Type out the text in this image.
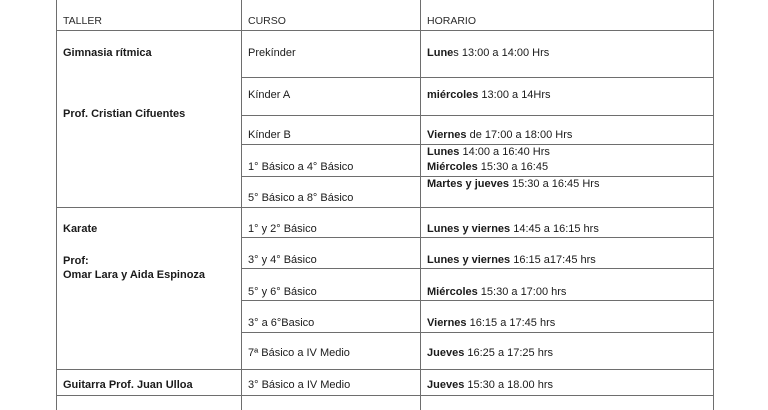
TALLER	CURSO	HORARIO
Gimnasia rítmica
Prof. Cristian Cifuentes
Karate
Prof:
Omar Lara y Aida Espinoza
Guitarra Prof. Juan Ulloa
Prekínder
Kínder A
Kínder B
1° Básico a 4° Básico
5° Básico a 8° Básico
1° y 2° Básico
3° y 4° Básico
5° y 6° Básico
3° a 6°Basico
7ª Básico a IV Medio
3° Básico a IV Medio
Lunes 13:00 a 14:00 Hrs
miércoles 13:00 a 14Hrs
Viernes de 17:00 a 18:00 Hrs
Lunes 14:00 a 16:40 Hrs
Miércoles 15:30 a 16:45
Martes y jueves 15:30 a 16:45 Hrs
Lunes y viernes 14:45 a 16:15 hrs
Lunes y viernes 16:15 a17:45 hrs
Miércoles 15:30 a 17:00 hrs
Viernes 16:15 a 17:45 hrs
Jueves 16:25 a 17:25 hrs
Jueves 15:30 a 18.00 hrs
